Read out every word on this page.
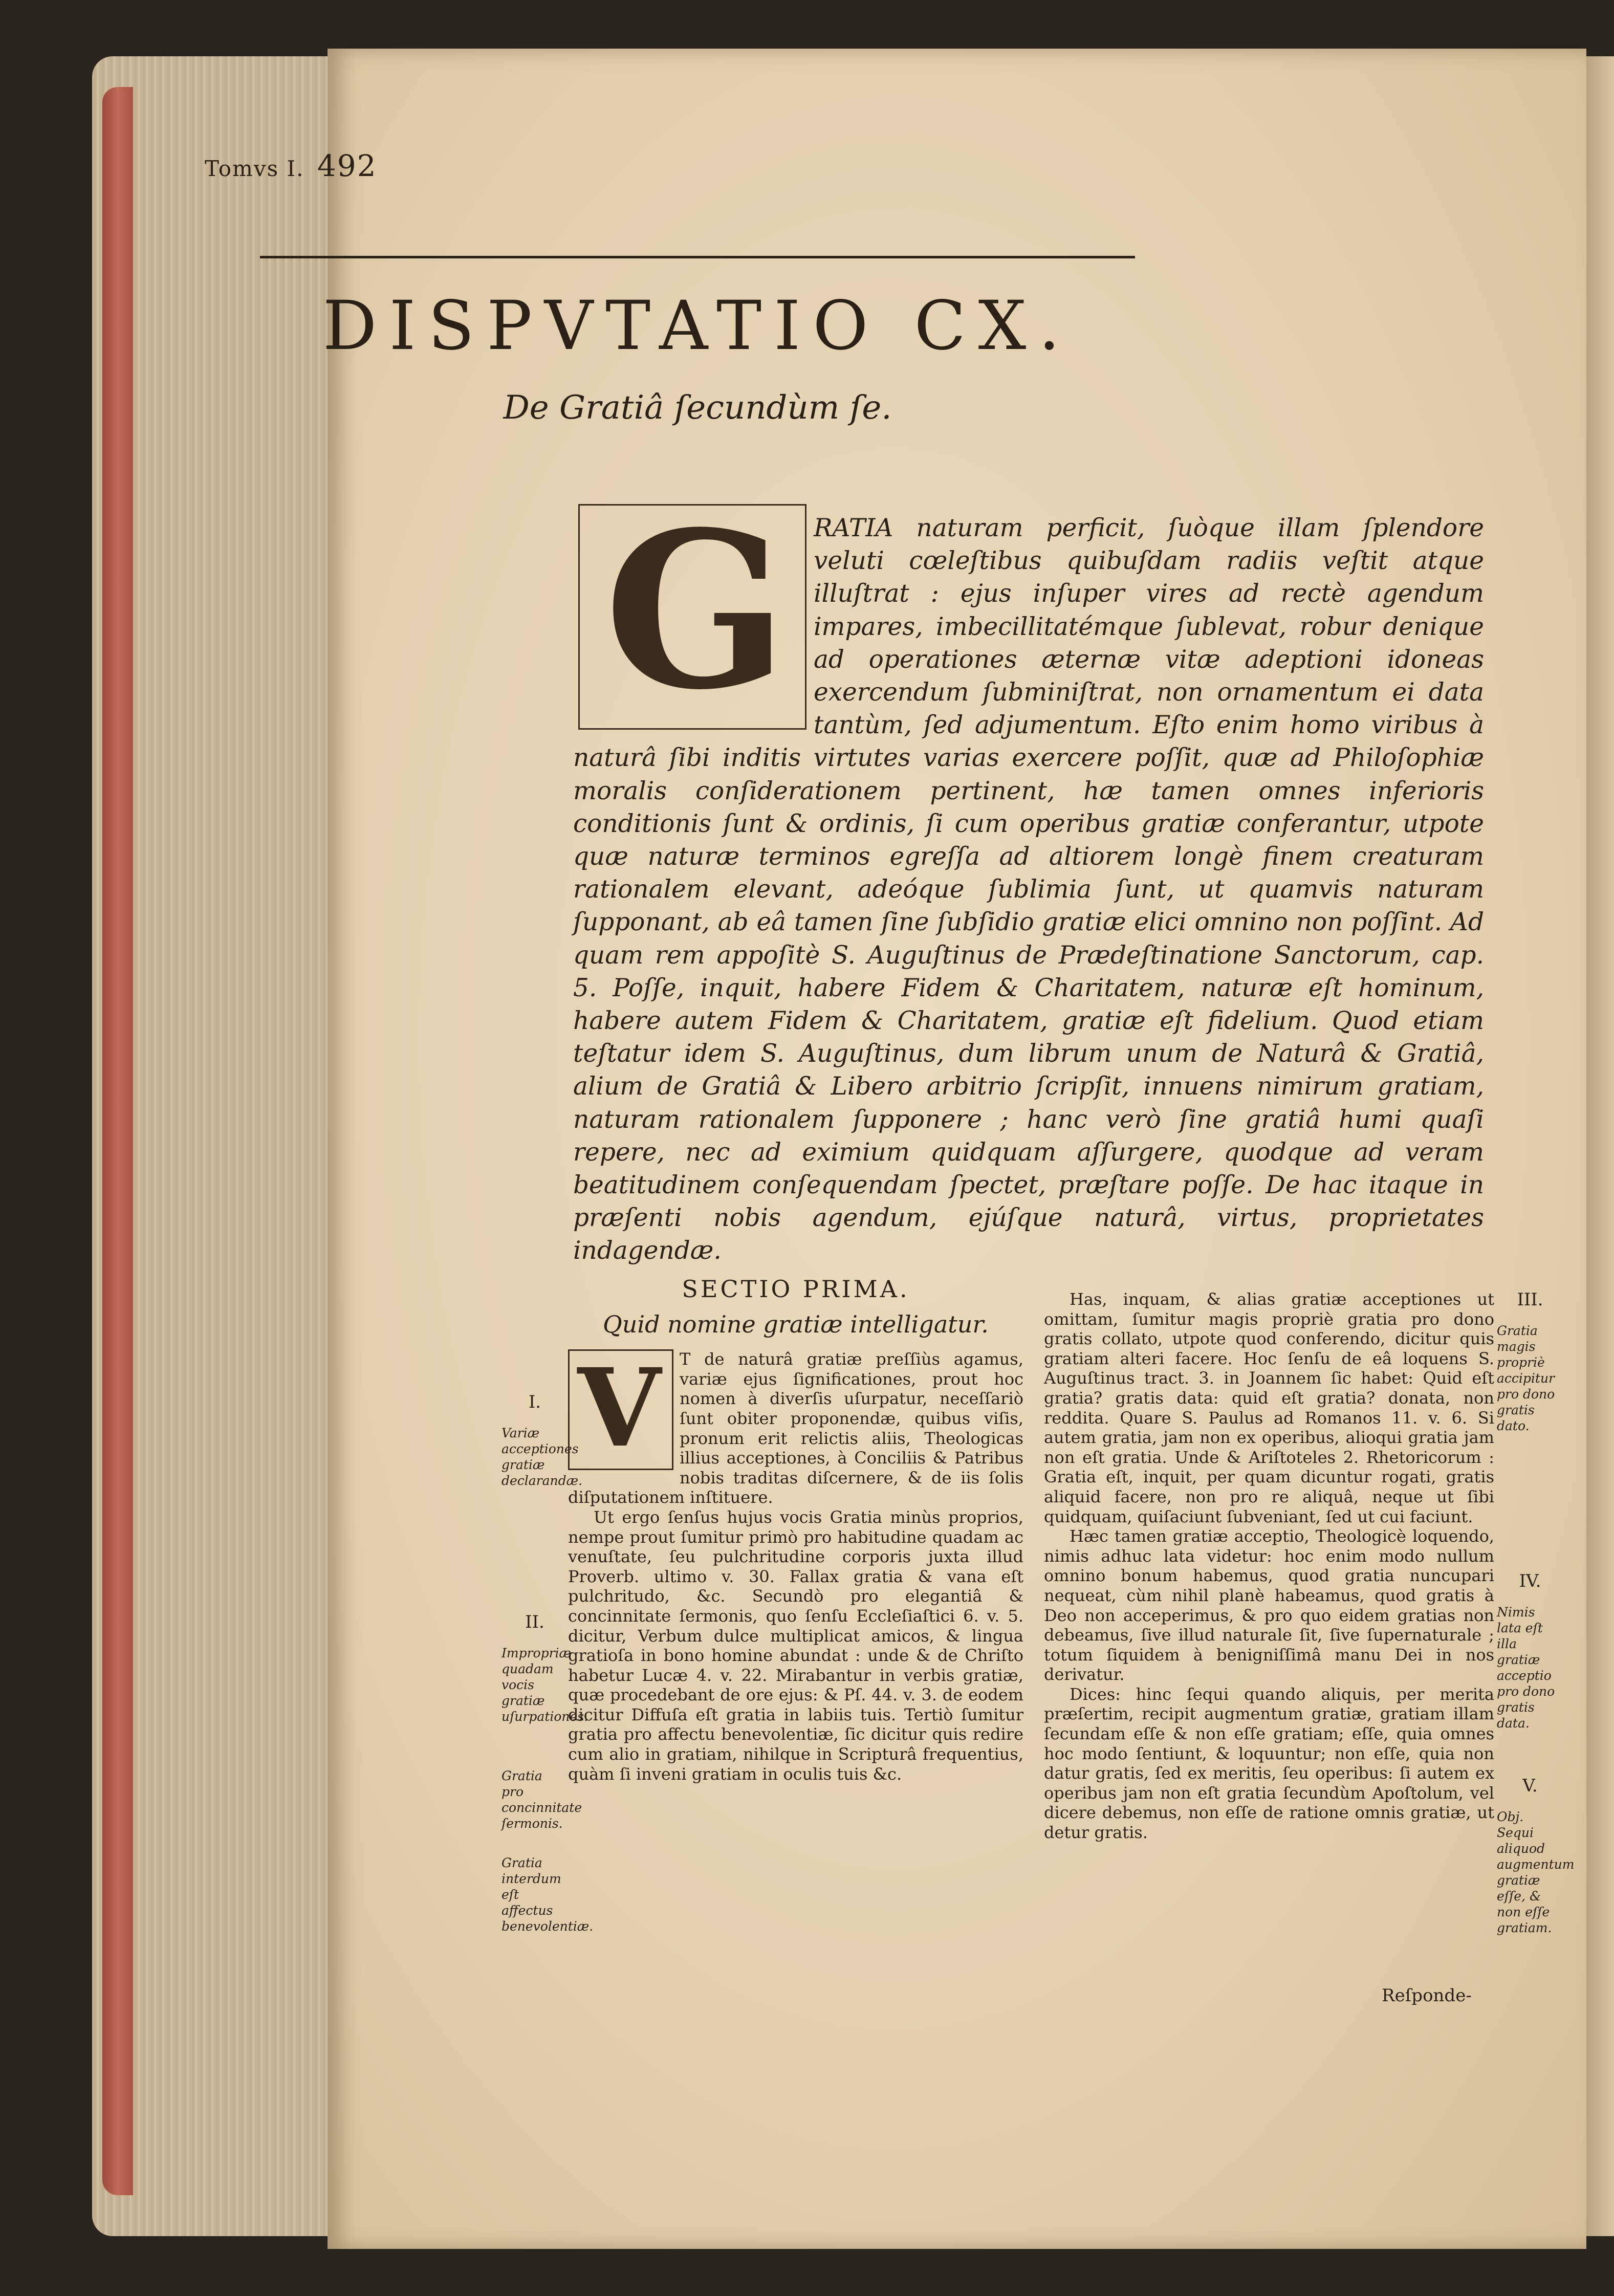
Tomvs I. 492
DISPVTATIO CX.
De Gratiâ ſecundùm ſe.
G	RATIA naturam perficit, ſuòque illam ſplendore veluti cœleſtibus quibuſdam radiis veſtit atque illuſtrat : ejus inſuper vires ad rectè agendum impares, imbecillitatémque ſublevat, robur denique ad operationes æternæ vitæ adeptioni idoneas exercendum ſubminiſtrat, non ornamentum ei data tantùm, ſed adjumentum. Eſto enim homo viribus à naturâ ſibi inditis virtutes varias exercere poſſit, quæ ad Philoſophiæ moralis conſiderationem pertinent, hæ tamen omnes inferioris conditionis ſunt & ordinis, ſi cum operibus gratiæ conferantur, utpote quæ naturæ terminos egreſſa ad altiorem longè finem creaturam rationalem elevant, adeóque ſublimia ſunt, ut quamvis naturam ſupponant, ab eâ tamen ſine ſubſidio gratiæ elici omnino non poſſint. Ad quam rem appoſitè S. Auguſtinus de Prædeſtinatione Sanctorum, cap. 5. Poſſe, inquit, habere Fidem & Charitatem, naturæ eſt hominum, habere autem Fidem & Charitatem, gratiæ eſt fidelium. Quod etiam teſtatur idem S. Auguſtinus, dum librum unum de Naturâ & Gratiâ, alium de Gratiâ & Libero arbitrio ſcripſit, innuens nimirum gratiam, naturam rationalem ſupponere ; hanc verò ſine gratiâ humi quaſi repere, nec ad eximium quidquam aſſurgere, quodque ad veram beatitudinem conſequendam ſpectet, præſtare poſſe. De hac itaque in præſenti nobis agendum, ejúſque naturâ, virtus, proprietates indagendæ.

SECTIO PRIMA.

Quid nomine gratiæ intelligatur.

V	T de naturâ gratiæ preſſiùs agamus, variæ ejus ſignificationes, prout hoc nomen à diverſis uſurpatur, neceſſariò ſunt obiter proponendæ, quibus viſis, pronum erit relictis aliis, Theologicas illius acceptiones, à Conciliis & Patribus nobis traditas diſcernere, & de iis ſolis diſputationem inſtituere.

Ut ergo ſenſus hujus vocis Gratia minùs proprios, nempe prout ſumitur primò pro habitudine quadam ac venuſtate, ſeu pulchritudine corporis juxta illud Proverb. ultimo v. 30. Fallax gratia & vana eſt pulchritudo, &c. Secundò pro elegantiâ & concinnitate ſermonis, quo ſenſu Eccleſiaſtici 6. v. 5. dicitur, Verbum dulce multiplicat amicos, & lingua gratioſa in bono homine abundat : unde & de Chriſto habetur Lucæ 4. v. 22. Mirabantur in verbis gratiæ, quæ procedebant de ore ejus: & Pſ. 44. v. 3. de eodem dicitur Diffuſa eſt gratia in labiis tuis. Tertiò ſumitur gratia pro affectu benevolentiæ, ſic dicitur quis redire cum alio in gratiam, nihilque in Scripturâ frequentius, quàm ſi inveni gratiam in oculis tuis &c.

Has, inquam, & alias gratiæ acceptiones ut omittam, ſumitur magis propriè gratia pro dono gratis collato, utpote quod conferendo, dicitur quis gratiam alteri facere. Hoc ſenſu de eâ loquens S. Auguſtinus tract. 3. in Joannem ſic habet: Quid eſt gratia? gratis data: quid eſt gratia? donata, non reddita. Quare S. Paulus ad Romanos 11. v. 6. Si autem gratia, jam non ex operibus, alioqui gratia jam non eſt gratia. Unde & Ariſtoteles 2. Rhetoricorum : Gratia eſt, inquit, per quam dicuntur rogati, gratis aliquid facere, non pro re aliquâ, neque ut ſibi quidquam, quiſaciunt ſubveniant, ſed ut cui faciunt.

Hæc tamen gratiæ acceptio, Theologicè loquendo, nimis adhuc lata videtur: hoc enim modo nullum omnino bonum habemus, quod gratia nuncupari nequeat, cùm nihil planè habeamus, quod gratis à Deo non acceperimus, & pro quo eidem gratias non debeamus, ſive illud naturale ſit, ſive ſupernaturale ; totum ſiquidem à benigniſſimâ manu Dei in nos derivatur.

Dices: hinc ſequi quando aliquis, per merita præſertim, recipit augmentum gratiæ, gratiam illam ſecundam eſſe & non eſſe gratiam; eſſe, quia omnes hoc modo ſentiunt, & loquuntur; non eſſe, quia non datur gratis, ſed ex meritis, ſeu operibus: ſi autem ex operibus jam non eſt gratia ſecundùm Apoſtolum, vel dicere debemus, non eſſe de ratione omnis gratiæ, ut detur gratis.

Reſponde-

I.

Variæ acceptiones gratiæ declarandæ.

II.

Impropriæ quadam vocis gratiæ uſurpationes.

Gratia pro concinnitate ſermonis.

Gratia interdum eſt affectus benevolentiæ.

III.

Gratia magis propriè accipitur pro dono gratis dato.

IV.

Nimis lata eſt illa gratiæ acceptio pro dono gratis data.

V.

Obj. Sequi aliquod augmentum gratiæ eſſe, & non eſſe gratiam.
